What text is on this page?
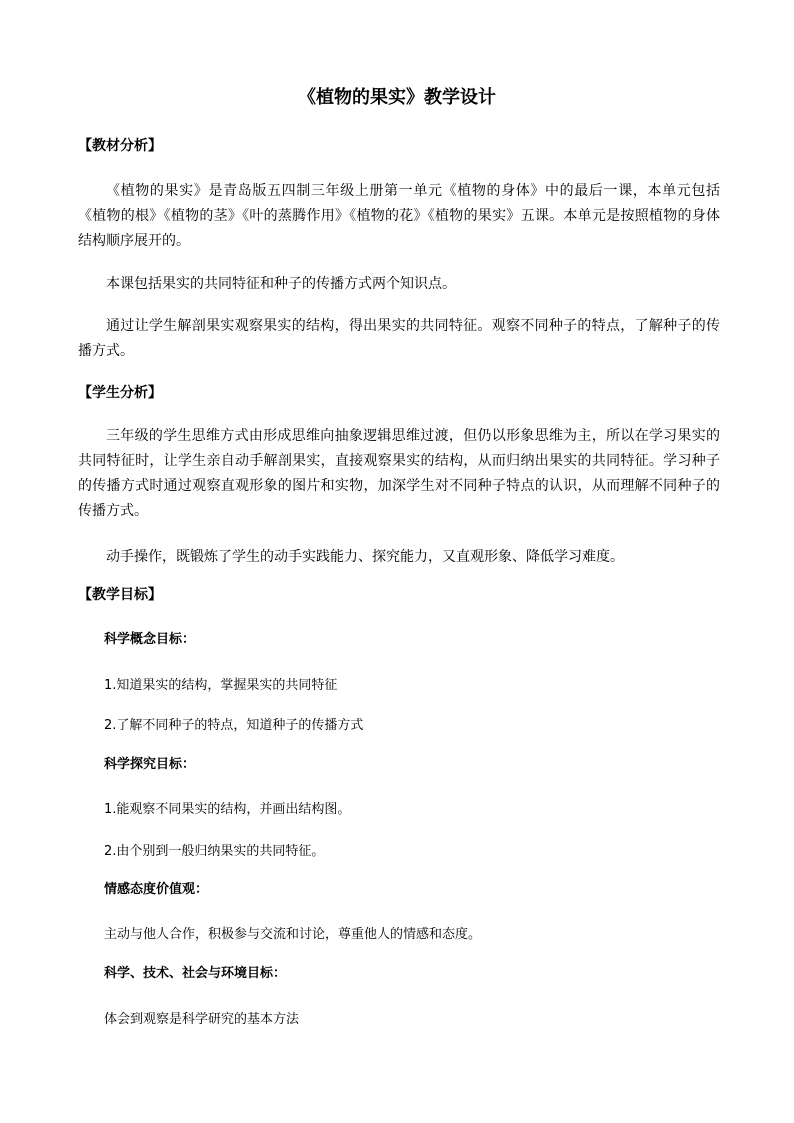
《植物的果实》教学设计
【教材分析】

《植物的果实》是青岛版五四制三年级上册第一单元《植物的身体》中的最后一课，本单元包括《植物的根》《植物的茎》《叶的蒸腾作用》《植物的花》《植物的果实》五课。本单元是按照植物的身体结构顺序展开的。

本课包括果实的共同特征和种子的传播方式两个知识点。

通过让学生解剖果实观察果实的结构，得出果实的共同特征。观察不同种子的特点，了解种子的传播方式。

【学生分析】

三年级的学生思维方式由形成思维向抽象逻辑思维过渡，但仍以形象思维为主，所以在学习果实的共同特征时，让学生亲自动手解剖果实，直接观察果实的结构，从而归纳出果实的共同特征。学习种子的传播方式时通过观察直观形象的图片和实物，加深学生对不同种子特点的认识，从而理解不同种子的传播方式。

动手操作，既锻炼了学生的动手实践能力、探究能力，又直观形象、降低学习难度。

【教学目标】
科学概念目标：
1.知道果实的结构，掌握果实的共同特征
2.了解不同种子的特点，知道种子的传播方式
科学探究目标：
1.能观察不同果实的结构，并画出结构图。
2.由个别到一般归纳果实的共同特征。
情感态度价值观：
主动与他人合作，积极参与交流和讨论，尊重他人的情感和态度。
科学、技术、社会与环境目标：
体会到观察是科学研究的基本方法
